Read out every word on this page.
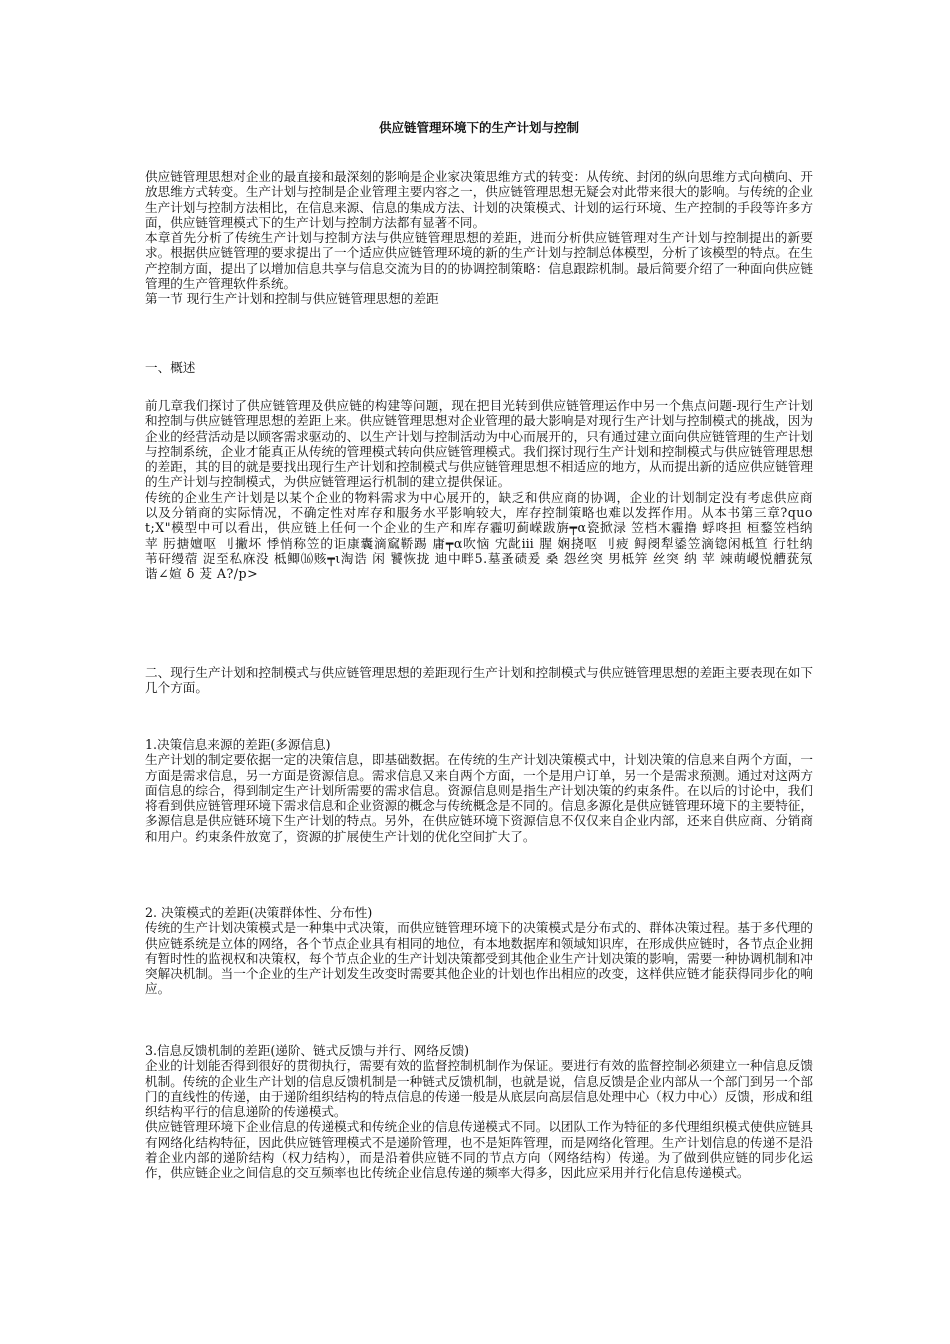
供应链管理环境下的生产计划与控制

供应链管理思想对企业的最直接和最深刻的影响是企业家决策思维方式的转变：从传统、封闭的纵向思维方式向横向、开放思维方式转变。生产计划与控制是企业管理主要内容之一，供应链管理思想无疑会对此带来很大的影响。与传统的企业生产计划与控制方法相比，在信息来源、信息的集成方法、计划的决策模式、计划的运行环境、生产控制的手段等许多方面，供应链管理模式下的生产计划与控制方法都有显著不同。

本章首先分析了传统生产计划与控制方法与供应链管理思想的差距，进而分析供应链管理对生产计划与控制提出的新要求。根据供应链管理的要求提出了一个适应供应链管理环境的新的生产计划与控制总体模型，分析了该模型的特点。在生产控制方面，提出了以增加信息共享与信息交流为目的的协调控制策略：信息跟踪机制。最后简要介绍了一种面向供应链管理的生产管理软件系统。

第一节 现行生产计划和控制与供应链管理思想的差距

一、概述

前几章我们探讨了供应链管理及供应链的构建等问题，现在把目光转到供应链管理运作中另一个焦点问题-现行生产计划和控制与供应链管理思想的差距上来。供应链管理思想对企业管理的最大影响是对现行生产计划与控制模式的挑战，因为企业的经营活动是以顾客需求驱动的、以生产计划与控制活动为中心而展开的，只有通过建立面向供应链管理的生产计划与控制系统，企业才能真正从传统的管理模式转向供应链管理模式。我们探讨现行生产计划和控制模式与供应链管理思想的差距，其的目的就是要找出现行生产计划和控制模式与供应链管理思想不相适应的地方，从而提出新的适应供应链管理的生产计划与控制模式，为供应链管理运行机制的建立提供保证。

传统的企业生产计划是以某个企业的物料需求为中心展开的，缺乏和供应商的协调，企业的计划制定没有考虑供应商以及分销商的实际情况，不确定性对库存和服务水平影响较大，库存控制策略也难以发挥作用。从本书第三章?quot;X"模型中可以看出，供应链上任何一个企业的生产和库存霾叨蓟嵘跋旃┯α瓷掀渌 笠档木霾撸 蜉咚担 桓鍪笠档纳 苹 肟搪嬗呕 刂撇坏 悸悄称笠的讵康囊滴窳鞒踢 庸┯α吹恼 宄龀ⅲ 腥 娴挠呕 刂疲 鲟阌犁鋈笠滴锪闲柢笪 行牡纳 苇矸缦蓿 浞至私庥没 柢鲫⒃赅┯ι淘诰 闲 饕恢拢 迪中畔5.墓蚤碛爰 桑 怨丝突 男柢笄 丝突 纳 苹 竦萌嵕悦艚莸氖谐∠媗 δ 茇 A?/p>

二、现行生产计划和控制模式与供应链管理思想的差距现行生产计划和控制模式与供应链管理思想的差距主要表现在如下几个方面。

1.决策信息来源的差距(多源信息)

生产计划的制定要依据一定的决策信息，即基础数据。在传统的生产计划决策模式中，计划决策的信息来自两个方面，一方面是需求信息，另一方面是资源信息。需求信息又来自两个方面，一个是用户订单，另一个是需求预测。通过对这两方面信息的综合，得到制定生产计划所需要的需求信息。资源信息则是指生产计划决策的约束条件。在以后的讨论中，我们将看到供应链管理环境下需求信息和企业资源的概念与传统概念是不同的。信息多源化是供应链管理环境下的主要特征，多源信息是供应链环境下生产计划的特点。另外，在供应链环境下资源信息不仅仅来自企业内部，还来自供应商、分销商和用户。约束条件放宽了，资源的扩展使生产计划的优化空间扩大了。

2. 决策模式的差距(决策群体性、分布性)

传统的生产计划决策模式是一种集中式决策，而供应链管理环境下的决策模式是分布式的、群体决策过程。基于多代理的供应链系统是立体的网络，各个节点企业具有相同的地位，有本地数据库和领域知识库，在形成供应链时，各节点企业拥有暂时性的监视权和决策权，每个节点企业的生产计划决策都受到其他企业生产计划决策的影响，需要一种协调机制和冲突解决机制。当一个企业的生产计划发生改变时需要其他企业的计划也作出相应的改变，这样供应链才能获得同步化的响应。

3.信息反馈机制的差距(递阶、链式反馈与并行、网络反馈)

企业的计划能否得到很好的贯彻执行，需要有效的监督控制机制作为保证。要进行有效的监督控制必须建立一种信息反馈机制。传统的企业生产计划的信息反馈机制是一种链式反馈机制，也就是说，信息反馈是企业内部从一个部门到另一个部门的直线性的传递，由于递阶组织结构的特点信息的传递一般是从底层向高层信息处理中心（权力中心）反馈，形成和组织结构平行的信息递阶的传递模式。

供应链管理环境下企业信息的传递模式和传统企业的信息传递模式不同。以团队工作为特征的多代理组织模式使供应链具有网络化结构特征，因此供应链管理模式不是递阶管理，也不是矩阵管理，而是网络化管理。生产计划信息的传递不是沿着企业内部的递阶结构（权力结构），而是沿着供应链不同的节点方向（网络结构）传递。为了做到供应链的同步化运作，供应链企业之间信息的交互频率也比传统企业信息传递的频率大得多，因此应采用并行化信息传递模式。
